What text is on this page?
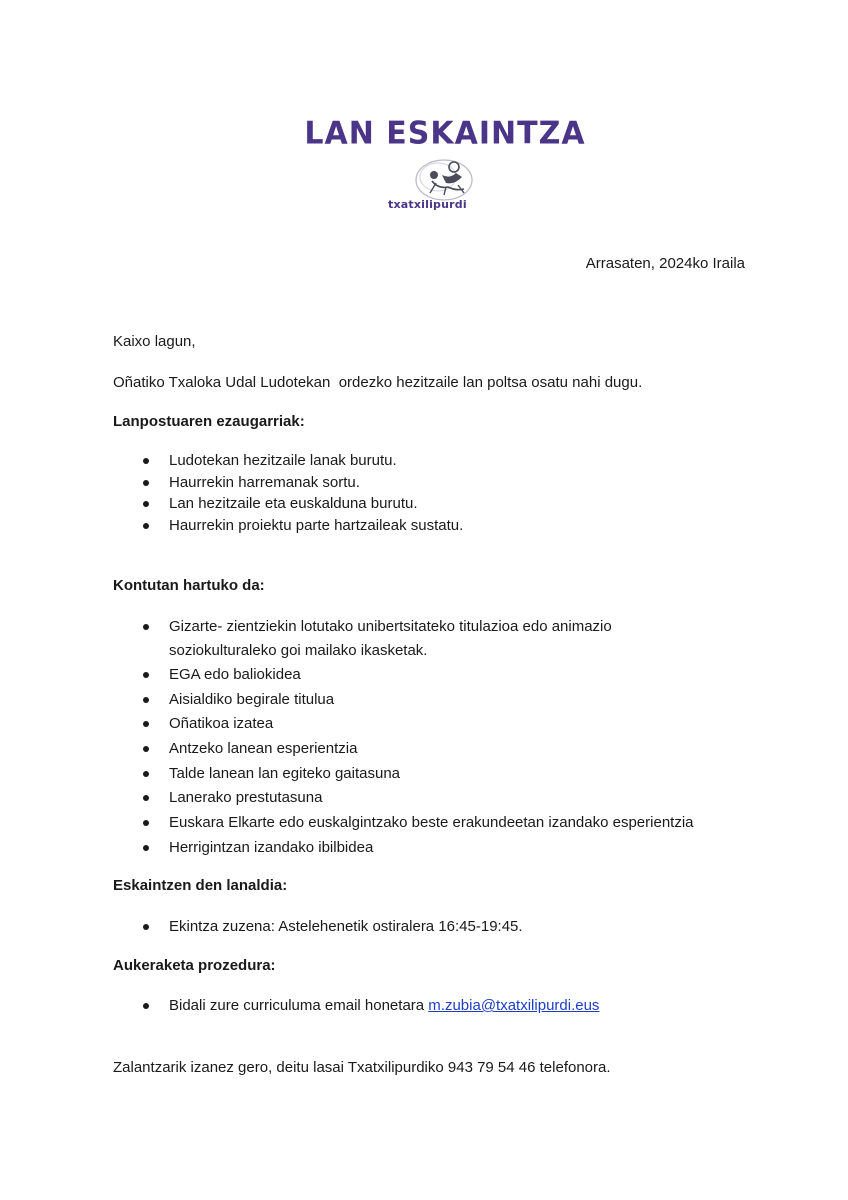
LAN ESKAINTZA
txatxilipurdi
Arrasaten, 2024ko Iraila
Kaixo lagun,
Oñatiko Txaloka Udal Ludotekan  ordezko hezitzaile lan poltsa osatu nahi dugu.
Lanpostuaren ezaugarriak:
Ludotekan hezitzaile lanak burutu.
Haurrekin harremanak sortu.
Lan hezitzaile eta euskalduna burutu.
Haurrekin proiektu parte hartzaileak sustatu.
Kontutan hartuko da:
Gizarte- zientziekin lotutako unibertsitateko titulazioa edo animazio
soziokulturaleko goi mailako ikasketak.
EGA edo baliokidea
Aisialdiko begirale titulua
Oñatikoa izatea
Antzeko lanean esperientzia
Talde lanean lan egiteko gaitasuna
Lanerako prestutasuna
Euskara Elkarte edo euskalgintzako beste erakundeetan izandako esperientzia
Herrigintzan izandako ibilbidea
Eskaintzen den lanaldia:
Ekintza zuzena: Astelehenetik ostiralera 16:45-19:45.
Aukeraketa prozedura:
Bidali zure curriculuma email honetara m.zubia@txatxilipurdi.eus
Zalantzarik izanez gero, deitu lasai Txatxilipurdiko 943 79 54 46 telefonora.
